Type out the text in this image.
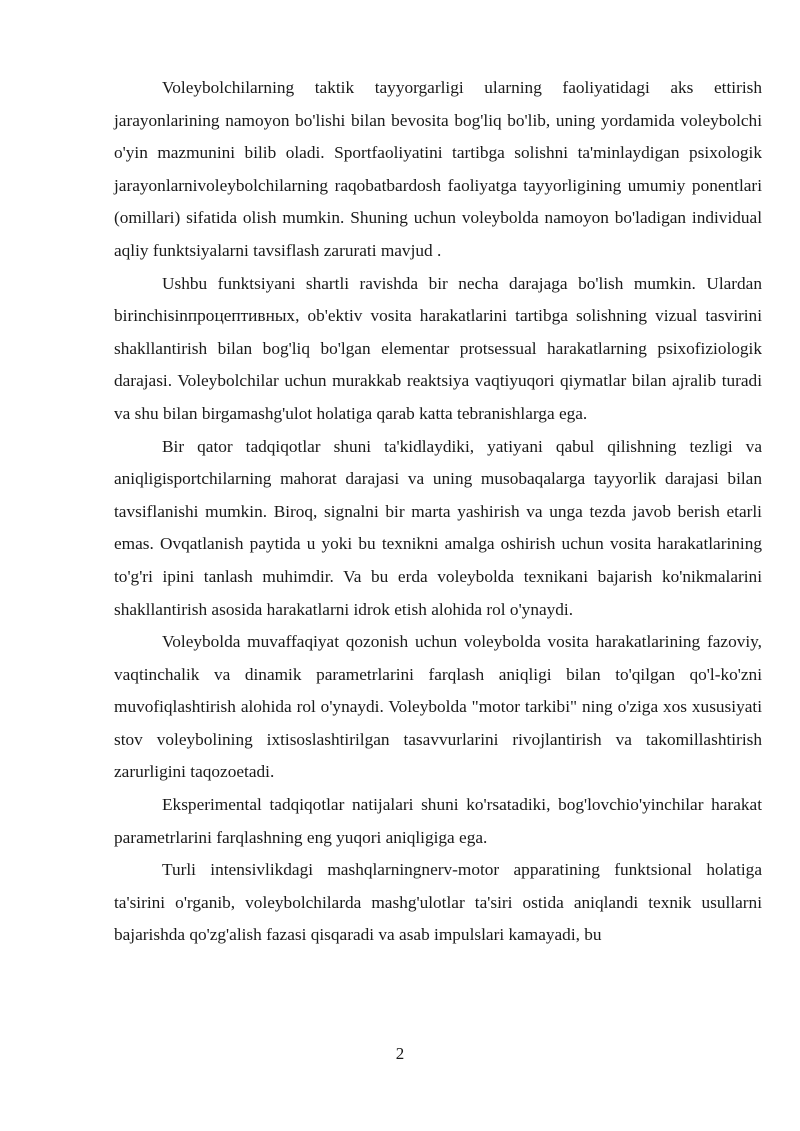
Voleybolchilarning taktik tayyorgarligi ularning faoliyatidagi aks ettirish jarayonlarining namoyon bo'lishi bilan bevosita bog'liq bo'lib, uning yordamida voleybolchi o'yin mazmunini bilib oladi. Sportfaoliyatini tartibga solishni ta'minlaydigan psixologik jarayonlarnivoleybolchilarning raqobatbardosh faoliyatga tayyorligining umumiy ponentlari (omillari) sifatida olish mumkin. Shuning uchun voleybolda namoyon bo'ladigan individual aqliy funktsiyalarni tavsiflash zarurati mavjud .

Ushbu funktsiyani shartli ravishda bir necha darajaga bo'lish mumkin. Ulardan birinchisinпроцептивных, ob'ektiv vosita harakatlarini tartibga solishning vizual tasvirini shakllantirish bilan bog'liq bo'lgan elementar protsessual harakatlarning psixofiziologik darajasi. Voleybolchilar uchun murakkab reaktsiya vaqtiyuqori qiymatlar bilan ajralib turadi va shu bilan birgamashg'ulot holatiga qarab katta tebranishlarga ega.

Bir qator tadqiqotlar shuni ta'kidlaydiki, yatiyani qabul qilishning tezligi va aniqligisportchilarning mahorat darajasi va uning musobaqalarga tayyorlik darajasi bilan tavsiflanishi mumkin. Biroq, signalni bir marta yashirish va unga tezda javob berish etarli emas. Ovqatlanish paytida u yoki bu texnikni amalga oshirish uchun vosita harakatlarining to'g'ri ipini tanlash muhimdir. Va bu erda voleybolda texnikani bajarish ko'nikmalarini shakllantirish asosida harakatlarni idrok etish alohida rol o'ynaydi.

Voleybolda muvaffaqiyat qozonish uchun voleybolda vosita harakatlarining fazoviy, vaqtinchalik va dinamik parametrlarini farqlash aniqligi bilan to'qilgan qo'l-ko'zni muvofiqlashtirish alohida rol o'ynaydi. Voleybolda "motor tarkibi" ning o'ziga xos xususiyati stov voleybolining ixtisoslashtirilgan tasavvurlarini rivojlantirish va takomillashtirish zarurligini taqozoetadi.

Eksperimental tadqiqotlar natijalari shuni ko'rsatadiki, bog'lovchio'yinchilar harakat parametrlarini farqlashning eng yuqori aniqligiga ega.

Turli intensivlikdagi mashqlarningnerv-motor apparatining funktsional holatiga ta'sirini o'rganib, voleybolchilarda mashg'ulotlar ta'siri ostida aniqlandi texnik usullarni bajarishda qo'zg'alish fazasi qisqaradi va asab impulslari kamayadi, bu

2
